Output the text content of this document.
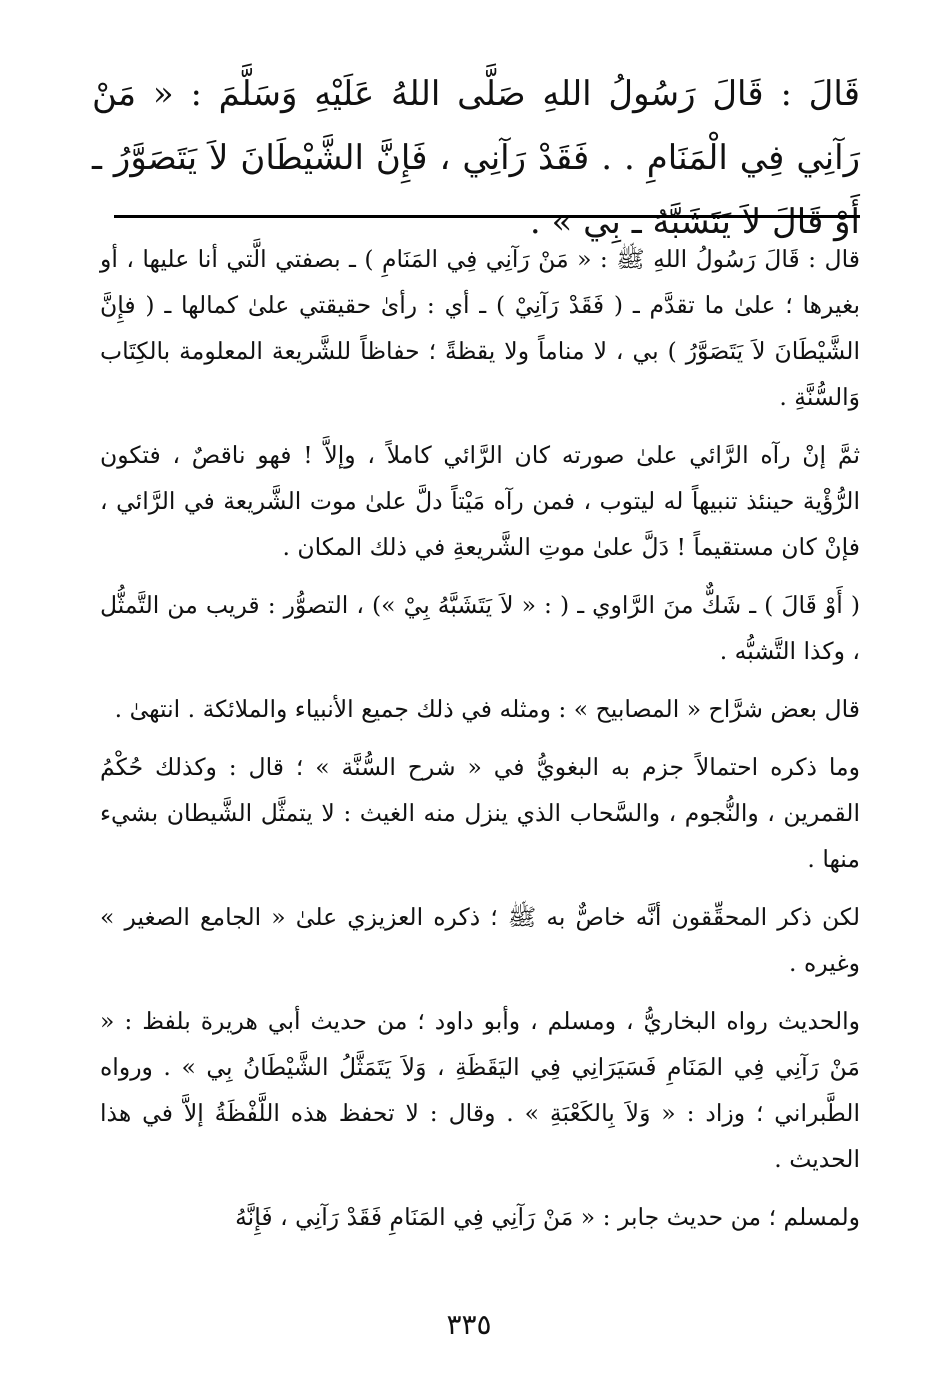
قَالَ : قَالَ رَسُولُ اللهِ صَلَّى اللهُ عَلَيْهِ وَسَلَّمَ : « مَنْ رَآنِي فِي الْمَنَامِ . . فَقَدْ رَآنِي ، فَإِنَّ الشَّيْطَانَ لاَ يَتَصَوَّرُ ـ أَوْ قَالَ لاَ يَتَشَبَّهُ ـ بِي » .

قال : قَالَ رَسُولُ اللهِ ﷺ : « مَنْ رَآنِي فِي المَنَامِ ) ـ بصفتي الَّتي أنا عليها ، أو بغيرها ؛ علىٰ ما تقدَّم ـ ( فَقَدْ رَآنِيْ ) ـ أي : رأىٰ حقيقتي علىٰ كمالها ـ ( فإِنَّ الشَّيْطَانَ لاَ يَتَصَوَّرُ ) بي ، لا مناماً ولا يقظةً ؛ حفاظاً للشَّريعة المعلومة بالكِتَاب وَالسُّنَّةِ .

ثمَّ إنْ رآه الرَّائي علىٰ صورته كان الرَّائي كاملاً ، وإلاَّ ! فهو ناقصٌ ، فتكون الرُّؤْية حينئذ تنبيهاً له ليتوب ، فمن رآه مَيْتاً دلَّ علىٰ موت الشَّريعة في الرَّائي ، فإنْ كان مستقيماً ! دَلَّ علىٰ موتِ الشَّريعةِ في ذلك المكان .

( أَوْ قَالَ ) ـ شَكٌّ منَ الرَّاوي ـ ( : « لاَ يَتَشَبَّهُ بِيْ ») ، التصوُّر : قريب من التَّمثُّل ، وكذا التَّشبُّه .

قال بعض شرَّاح « المصابيح » : ومثله في ذلك جميع الأنبياء والملائكة . انتهىٰ .

وما ذكره احتمالاً جزم به البغويُّ في « شرح السُّنَّة » ؛ قال : وكذلك حُكْمُ القمرين ، والنُّجوم ، والسَّحاب الذي ينزل منه الغيث : لا يتمثَّل الشَّيطان بشيء منها .

لكن ذكر المحقِّقون أنَّه خاصٌّ به ﷺ ؛ ذكره العزيزي علىٰ « الجامع الصغير » وغيره .

والحديث رواه البخاريُّ ، ومسلم ، وأبو داود ؛ من حديث أبي هريرة بلفظ : « مَنْ رَآنِي فِي المَنَامِ فَسَيَرَانِي فِي اليَقَظَةِ ، وَلاَ يَتَمَثَّلُ الشَّيْطَانُ بِي » . ورواه الطَّبراني ؛ وزاد : « وَلاَ بِالكَعْبَةِ » . وقال : لا تحفظ هذه اللَّفْظَةُ إلاَّ في هذا الحديث .

ولمسلم ؛ من حديث جابر : « مَنْ رَآنِي فِي المَنَامِ فَقَدْ رَآنِي ، فَإِنَّهُ

٣٣٥
